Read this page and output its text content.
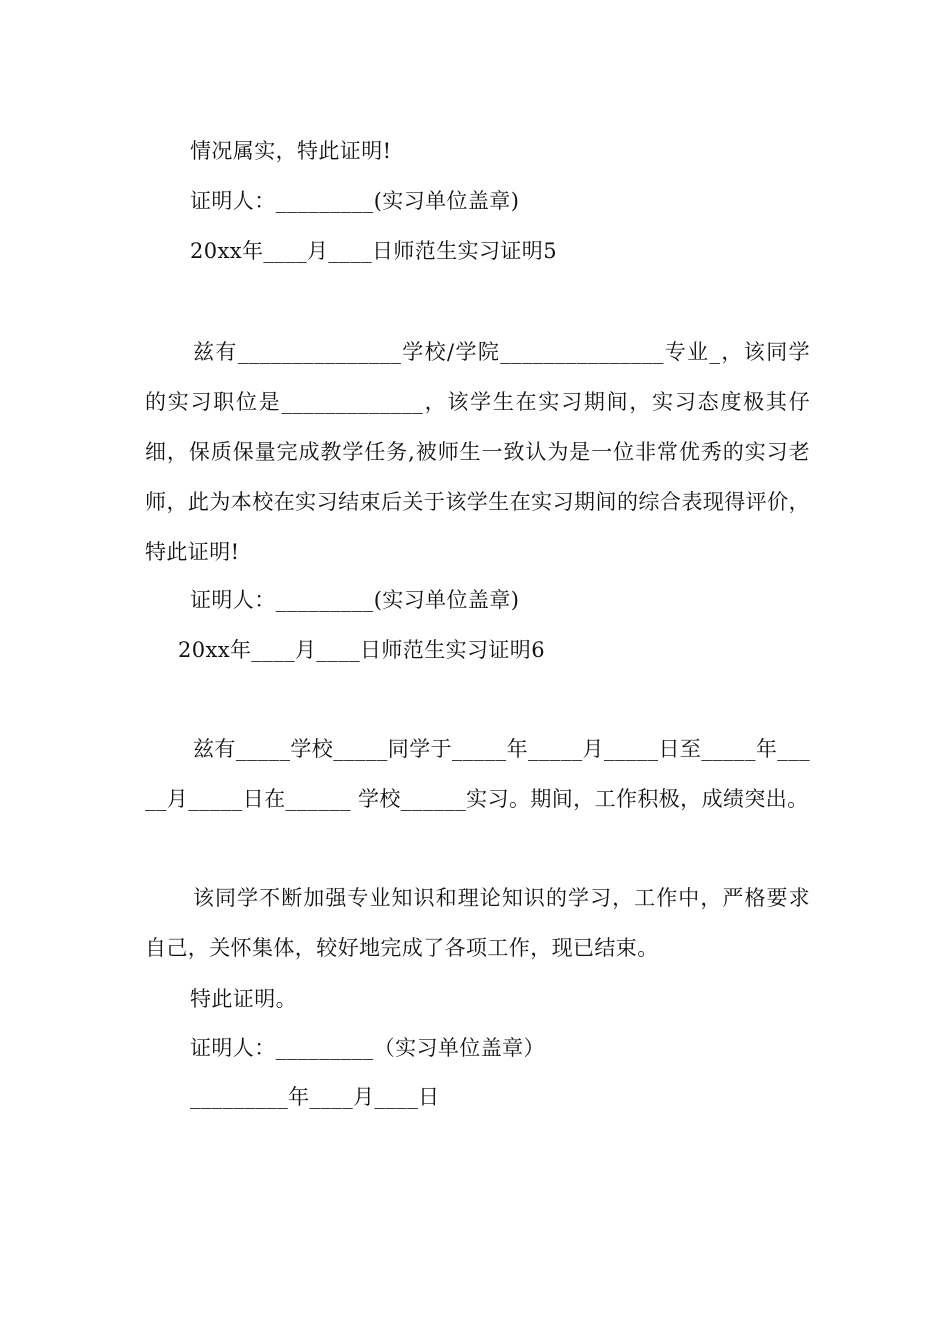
情况属实，特此证明!
证明人：_________(实习单位盖章)
20xx年____月____日师范生实习证明5
兹有_______________学校/学院_______________专业_，该同学的实习职位是_____________，该学生在实习期间，实习态度极其仔细，保质保量完成教学任务,被师生一致认为是一位非常优秀的实习老师，此为本校在实习结束后关于该学生在实习期间的综合表现得评价，特此证明!
证明人：_________(实习单位盖章)
20xx年____月____日师范生实习证明6
兹有_____学校_____同学于_____年_____月_____日至_____年_____月_____日在______ 学校______实习。期间，工作积极，成绩突出。
该同学不断加强专业知识和理论知识的学习，工作中，严格要求自己，关怀集体，较好地完成了各项工作，现已结束。
特此证明。
证明人：_________（实习单位盖章）
_________年____月____日
